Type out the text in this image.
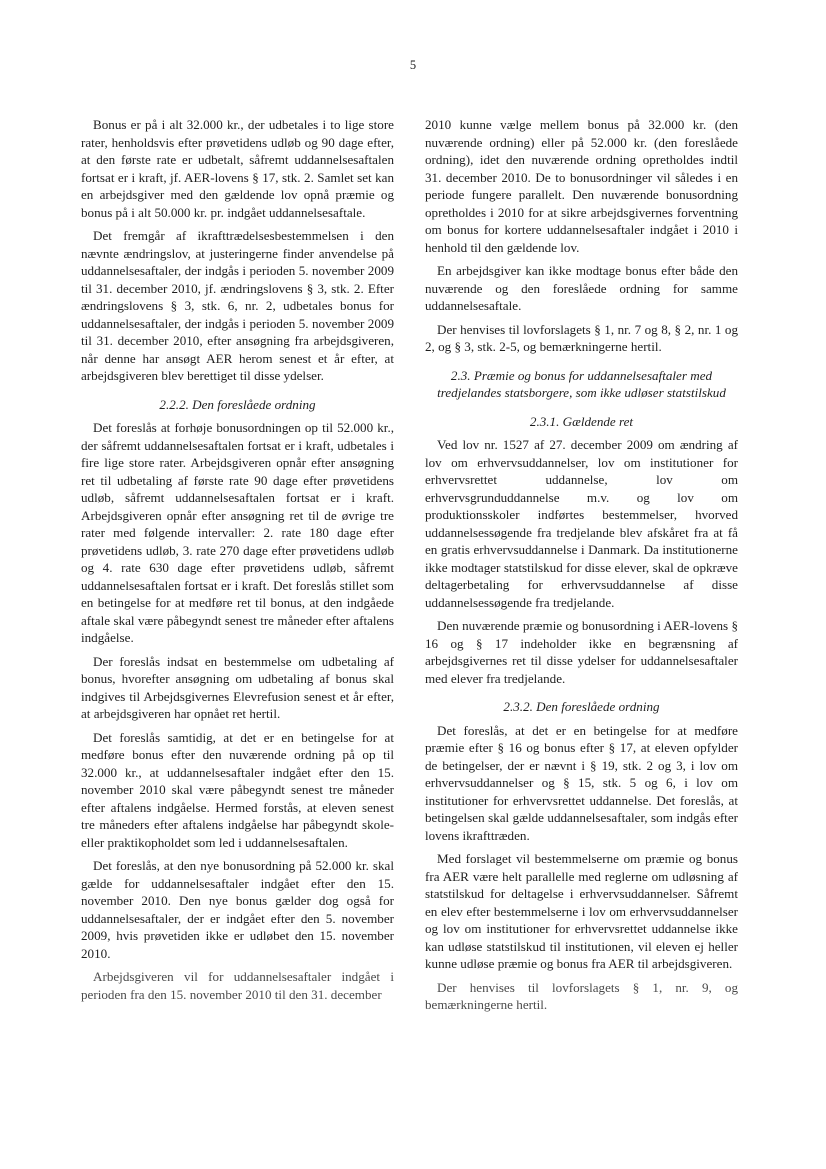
5

Bonus er på i alt 32.000 kr., der udbetales i to lige store rater, henholdsvis efter prøvetidens udløb og 90 dage efter, at den første rate er udbetalt, såfremt uddannelsesaftalen fortsat er i kraft, jf. AER-lovens § 17, stk. 2. Samlet set kan en arbejdsgiver med den gældende lov opnå præmie og bonus på i alt 50.000 kr. pr. indgået uddannelsesaftale.

Det fremgår af ikrafttrædelsesbestemmelsen i den nævnte ændringslov, at justeringerne finder anvendelse på uddannelsesaftaler, der indgås i perioden 5. november 2009 til 31. december 2010, jf. ændringslovens § 3, stk. 2. Efter ændringslovens § 3, stk. 6, nr. 2, udbetales bonus for uddannelsesaftaler, der indgås i perioden 5. november 2009 til 31. december 2010, efter ansøgning fra arbejdsgiveren, når denne har ansøgt AER herom senest et år efter, at arbejdsgiveren blev berettiget til disse ydelser.

2.2.2. Den foreslåede ordning

Det foreslås at forhøje bonusordningen op til 52.000 kr., der såfremt uddannelsesaftalen fortsat er i kraft, udbetales i fire lige store rater. Arbejdsgiveren opnår efter ansøgning ret til udbetaling af første rate 90 dage efter prøvetidens udløb, såfremt uddannelsesaftalen fortsat er i kraft. Arbejdsgiveren opnår efter ansøgning ret til de øvrige tre rater med følgende intervaller: 2. rate 180 dage efter prøvetidens udløb, 3. rate 270 dage efter prøvetidens udløb og 4. rate 630 dage efter prøvetidens udløb, såfremt uddannelsesaftalen fortsat er i kraft. Det foreslås stillet som en betingelse for at medføre ret til bonus, at den indgåede aftale skal være påbegyndt senest tre måneder efter aftalens indgåelse.

Der foreslås indsat en bestemmelse om udbetaling af bonus, hvorefter ansøgning om udbetaling af bonus skal indgives til Arbejdsgivernes Elevrefusion senest et år efter, at arbejdsgiveren har opnået ret hertil.

Det foreslås samtidig, at det er en betingelse for at medføre bonus efter den nuværende ordning på op til 32.000 kr., at uddannelsesaftaler indgået efter den 15. november 2010 skal være påbegyndt senest tre måneder efter aftalens indgåelse. Hermed forstås, at eleven senest tre måneders efter aftalens indgåelse har påbegyndt skole- eller praktikopholdet som led i uddannelsesaftalen.

Det foreslås, at den nye bonusordning på 52.000 kr. skal gælde for uddannelsesaftaler indgået efter den 15. november 2010. Den nye bonus gælder dog også for uddannelsesaftaler, der er indgået efter den 5. november 2009, hvis prøvetiden ikke er udløbet den 15. november 2010.

Arbejdsgiveren vil for uddannelsesaftaler indgået i perioden fra den 15. november 2010 til den 31. december

2010 kunne vælge mellem bonus på 32.000 kr. (den nuværende ordning) eller på 52.000 kr. (den foreslåede ordning), idet den nuværende ordning opretholdes indtil 31. december 2010. De to bonusordninger vil således i en periode fungere parallelt. Den nuværende bonusordning opretholdes i 2010 for at sikre arbejdsgivernes forventning om bonus for kortere uddannelsesaftaler indgået i 2010 i henhold til den gældende lov.

En arbejdsgiver kan ikke modtage bonus efter både den nuværende og den foreslåede ordning for samme uddannelsesaftale.

Der henvises til lovforslagets § 1, nr. 7 og 8, § 2, nr. 1 og 2, og § 3, stk. 2-5, og bemærkningerne hertil.

2.3. Præmie og bonus for uddannelsesaftaler med tredjelandes statsborgere, som ikke udløser statstilskud
2.3.1. Gældende ret

Ved lov nr. 1527 af 27. december 2009 om ændring af lov om erhvervsuddannelser, lov om institutioner for erhvervsrettet uddannelse, lov om erhvervsgrunduddannelse m.v. og lov om produktionsskoler indførtes bestemmelser, hvorved uddannelsessøgende fra tredjelande blev afskåret fra at få en gratis erhvervsuddannelse i Danmark. Da institutionerne ikke modtager statstilskud for disse elever, skal de opkræve deltagerbetaling for erhvervsuddannelse af disse uddannelsessøgende fra tredjelande.

Den nuværende præmie og bonusordning i AER-lovens § 16 og § 17 indeholder ikke en begrænsning af arbejdsgivernes ret til disse ydelser for uddannelsesaftaler med elever fra tredjelande.

2.3.2. Den foreslåede ordning

Det foreslås, at det er en betingelse for at medføre præmie efter § 16 og bonus efter § 17, at eleven opfylder de betingelser, der er nævnt i § 19, stk. 2 og 3, i lov om erhvervsuddannelser og § 15, stk. 5 og 6, i lov om institutioner for erhvervsrettet uddannelse. Det foreslås, at betingelsen skal gælde uddannelsesaftaler, som indgås efter lovens ikrafttræden.

Med forslaget vil bestemmelserne om præmie og bonus fra AER være helt parallelle med reglerne om udløsning af statstilskud for deltagelse i erhvervsuddannelser. Såfremt en elev efter bestemmelserne i lov om erhvervsuddannelser og lov om institutioner for erhvervsrettet uddannelse ikke kan udløse statstilskud til institutionen, vil eleven ej heller kunne udløse præmie og bonus fra AER til arbejdsgiveren.

Der henvises til lovforslagets § 1, nr. 9, og bemærkningerne hertil.
